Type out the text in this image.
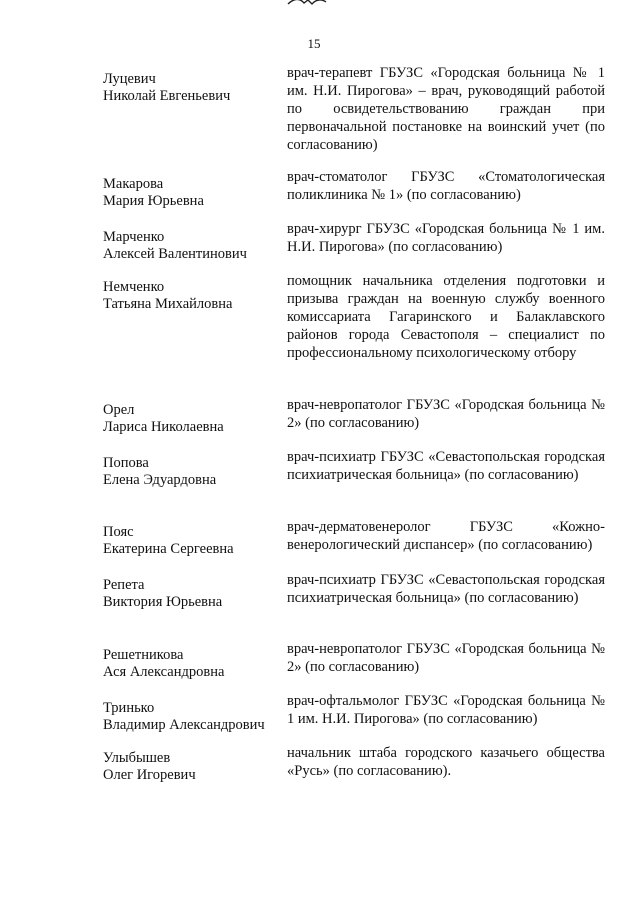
15
Луцевич
Николай Евгеньевич
врач-терапевт ГБУЗС «Городская больница № 1 им. Н.И. Пирогова» – врач, руководящий работой по освидетельствованию граждан при первоначальной постановке на воинский учет (по согласованию)
Макарова
Мария Юрьевна
врач-стоматолог ГБУЗС «Стоматологическая поликлиника № 1» (по согласованию)
Марченко
Алексей Валентинович
врач-хирург ГБУЗС «Городская больница № 1 им. Н.И. Пирогова» (по согласованию)
Немченко
Татьяна Михайловна
помощник начальника отделения подготовки и призыва граждан на военную службу военного комиссариата Гагаринского и Балаклавского районов города Севастополя – специалист по профессиональному психологическому отбору
Орел
Лариса Николаевна
врач-невропатолог ГБУЗС «Городская больница № 2» (по согласованию)
Попова
Елена Эдуардовна
врач-психиатр ГБУЗС «Севастопольская городская психиатрическая больница» (по согласованию)
Пояс
Екатерина Сергеевна
врач-дерматовенеролог ГБУЗС «Кожно-венерологический диспансер» (по согласованию)
Репета
Виктория Юрьевна
врач-психиатр ГБУЗС «Севастопольская городская психиатрическая больница» (по согласованию)
Решетникова
Ася Александровна
врач-невропатолог ГБУЗС «Городская больница № 2» (по согласованию)
Тринько
Владимир Александрович
врач-офтальмолог ГБУЗС «Городская больница № 1 им. Н.И. Пирогова» (по согласованию)
Улыбышев
Олег Игоревич
начальник штаба городского казачьего общества «Русь» (по согласованию).
